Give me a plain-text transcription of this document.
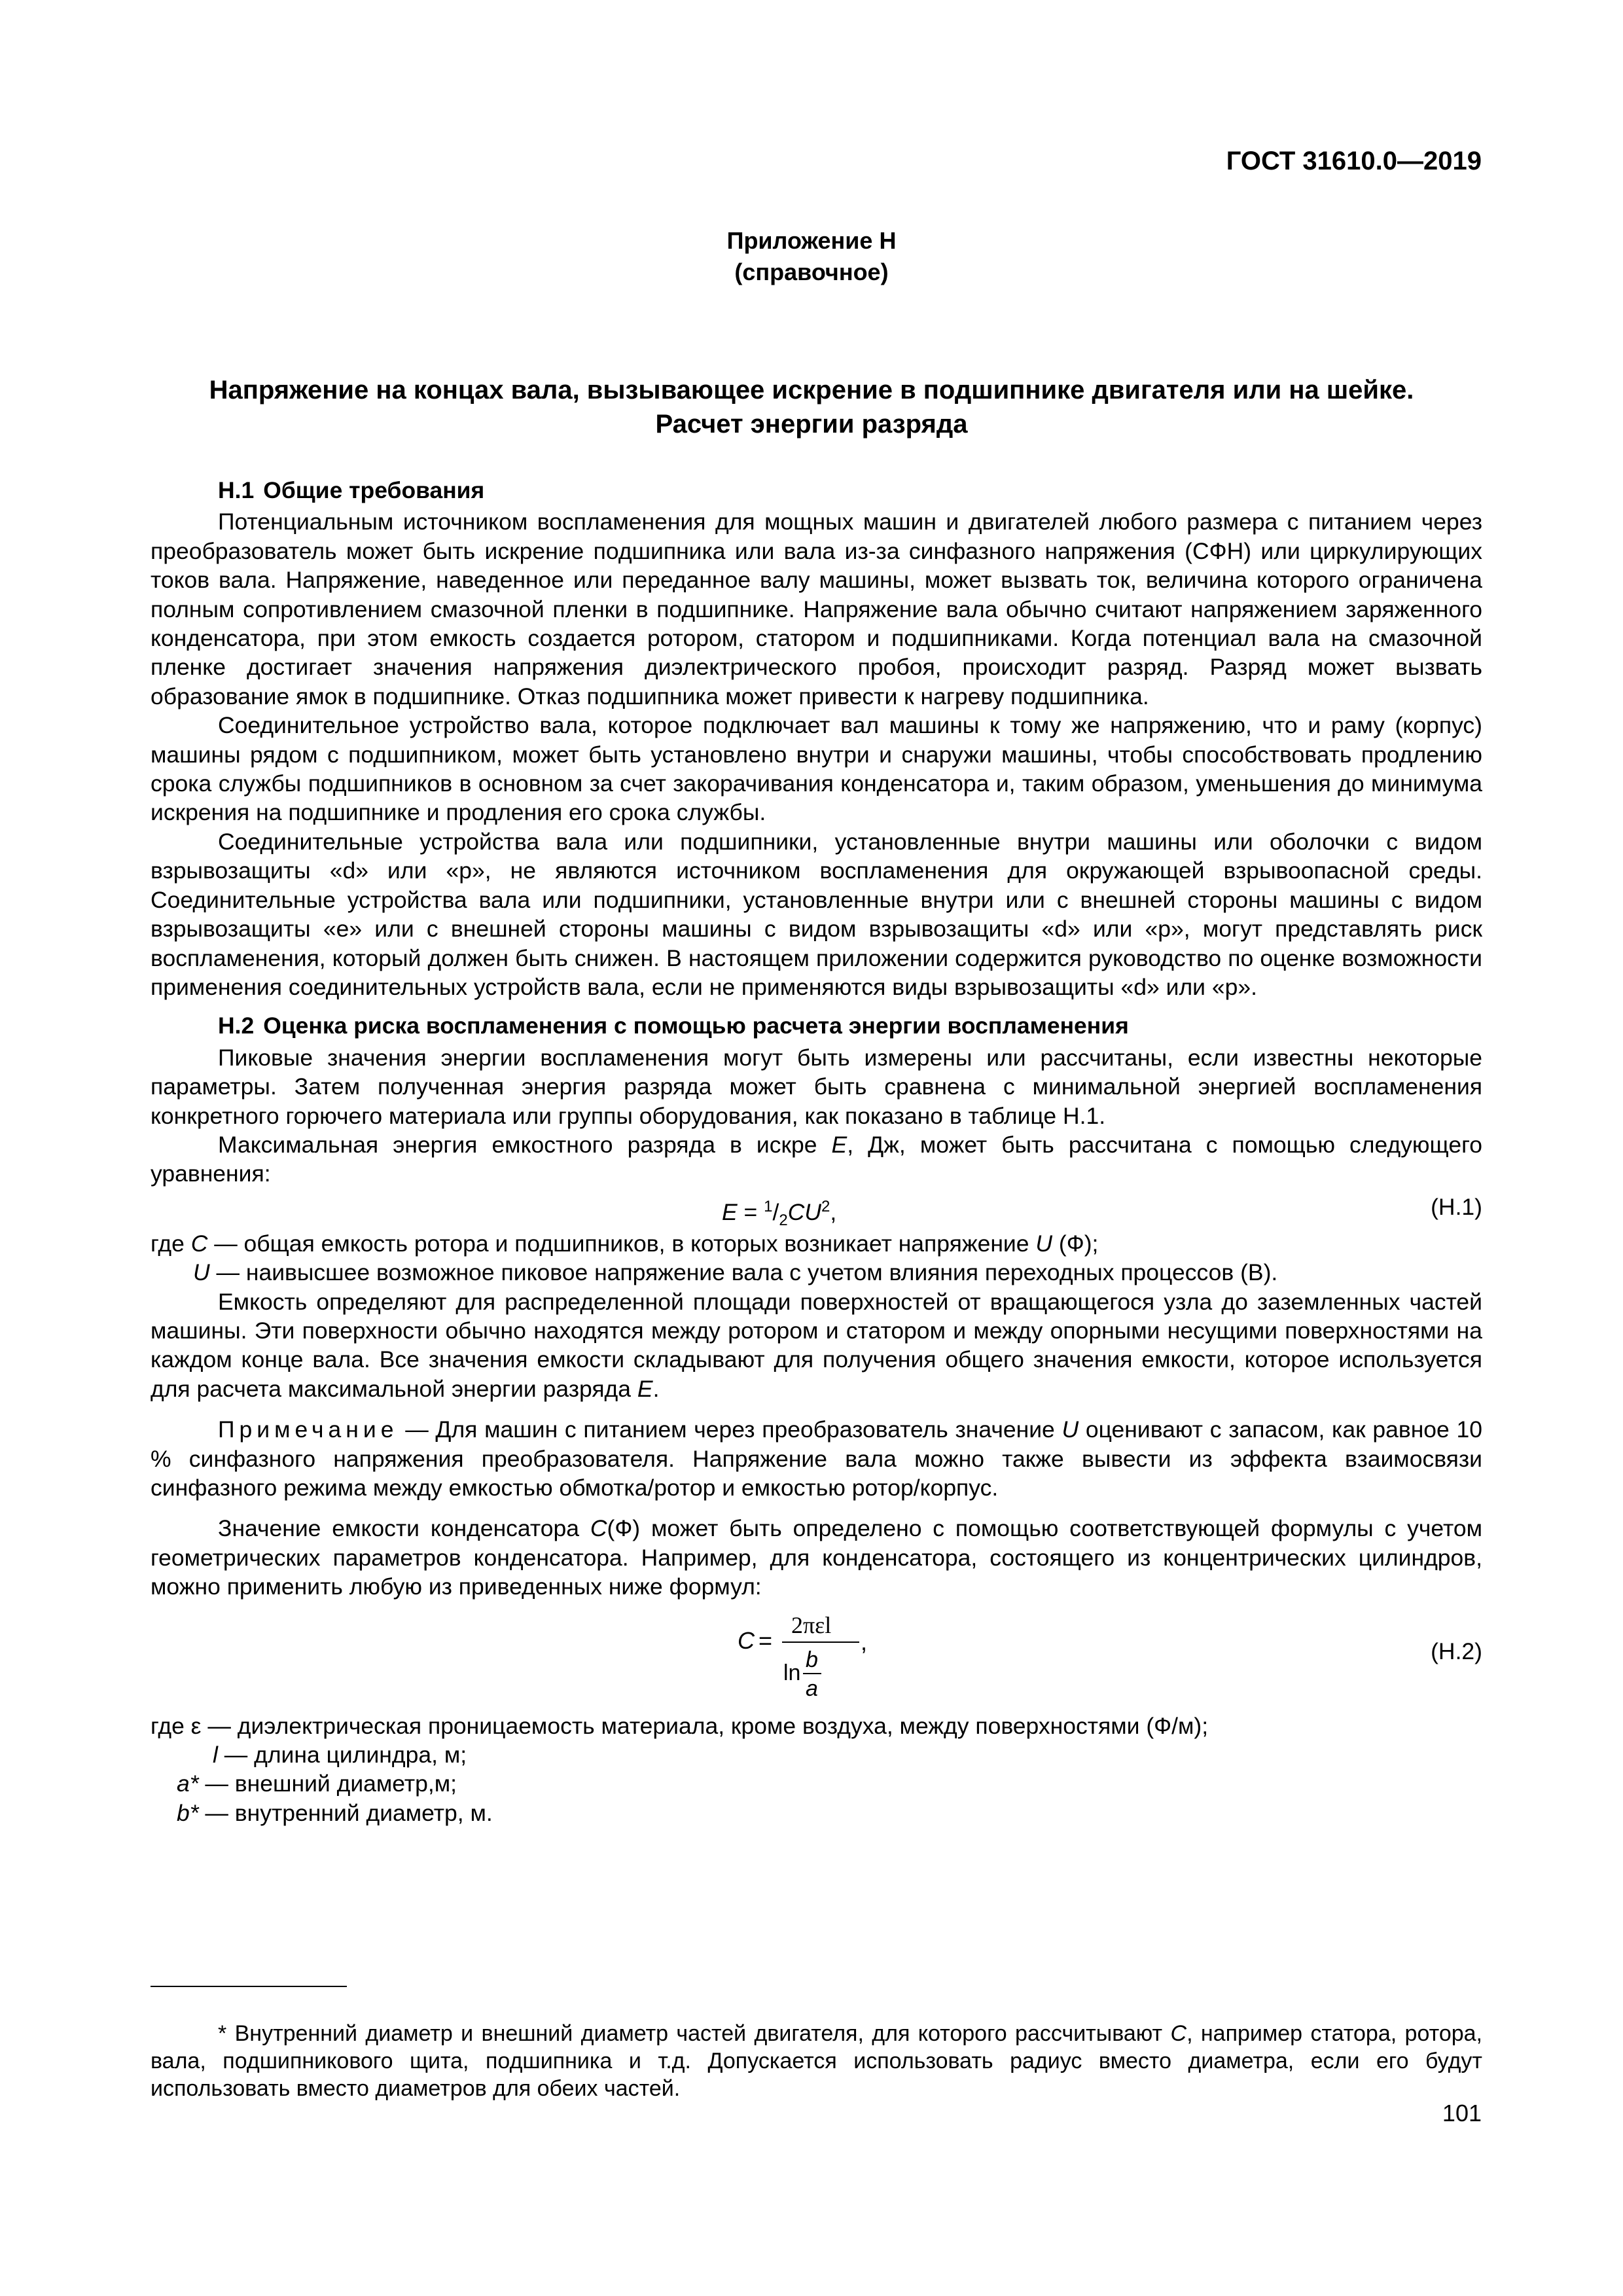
ГОСТ 31610.0—2019
Приложение Н
(справочное)
Напряжение на концах вала, вызывающее искрение в подшипнике двигателя или на шейке.
Расчет энергии разряда

Н.1 Общие требования

Потенциальным источником воспламенения для мощных машин и двигателей любого размера с питанием через преобразователь может быть искрение подшипника или вала из-за синфазного напряжения (СФН) или циркулирующих токов вала. Напряжение, наведенное или переданное валу машины, может вызвать ток, величина которого ограничена полным сопротивлением смазочной пленки в подшипнике. Напряжение вала обычно считают напряжением заряженного конденсатора, при этом емкость создается ротором, статором и подшипниками. Когда потенциал вала на смазочной пленке достигает значения напряжения диэлектрического пробоя, происходит разряд. Разряд может вызвать образование ямок в подшипнике. Отказ подшипника может привести к нагреву подшипника.

Соединительное устройство вала, которое подключает вал машины к тому же напряжению, что и раму (корпус) машины рядом с подшипником, может быть установлено внутри и снаружи машины, чтобы способствовать продлению срока службы подшипников в основном за счет закорачивания конденсатора и, таким образом, уменьшения до минимума искрения на подшипнике и продления его срока службы.

Соединительные устройства вала или подшипники, установленные внутри машины или оболочки с видом взрывозащиты «d» или «р», не являются источником воспламенения для окружающей взрывоопасной среды. Соединительные устройства вала или подшипники, установленные внутри или с внешней стороны машины с видом взрывозащиты «е» или с внешней стороны машины с видом взрывозащиты «d» или «р», могут представлять риск воспламенения, который должен быть снижен. В настоящем приложении содержится руководство по оценке возможности применения соединительных устройств вала, если не применяются виды взрывозащиты «d» или «р».

Н.2 Оценка риска воспламенения с помощью расчета энергии воспламенения

Пиковые значения энергии воспламенения могут быть измерены или рассчитаны, если известны некоторые параметры. Затем полученная энергия разряда может быть сравнена с минимальной энергией воспламенения конкретного горючего материала или группы оборудования, как показано в таблице Н.1.

Максимальная энергия емкостного разряда в искре E, Дж, может быть рассчитана с помощью следующего уравнения:

$E = ^1/_2CU^2$,	(Н.1)

где C — общая емкость ротора и подшипников, в которых возникает напряжение U (Ф);

U — наивысшее возможное пиковое напряжение вала с учетом влияния переходных процессов (В).

Емкость определяют для распределенной площади поверхностей от вращающегося узла до заземленных частей машины. Эти поверхности обычно находятся между ротором и статором и между опорными несущими поверхностями на каждом конце вала. Все значения емкости складывают для получения общего значения емкости, которое используется для расчета максимальной энергии разряда E.

Примечание — Для машин с питанием через преобразователь значение U оценивают с запасом, как равное 10 % синфазного напряжения преобразователя. Напряжение вала можно также вывести из эффекта взаимосвязи синфазного режима между емкостью обмотка/ротор и емкостью ротор/корпус.

Значение емкости конденсатора C(Ф) может быть определено с помощью соответствующей формулы с учетом геометрических параметров конденсатора. Например, для конденсатора, состоящего из концентрических цилиндров, можно применить любую из приведенных ниже формул:

C =
2πεl
ln
b
a
,	(Н.2)

где ε — диэлектрическая проницаемость материала, кроме воздуха, между поверхностями (Ф/м);

l — длина цилиндра, м;

a* — внешний диаметр,м;

b* — внутренний диаметр, м.

* Внутренний диаметр и внешний диаметр частей двигателя, для которого рассчитывают C, например статора, ротора, вала, подшипникового щита, подшипника и т.д. Допускается использовать радиус вместо диаметра, если его будут использовать вместо диаметров для обеих частей.

101
